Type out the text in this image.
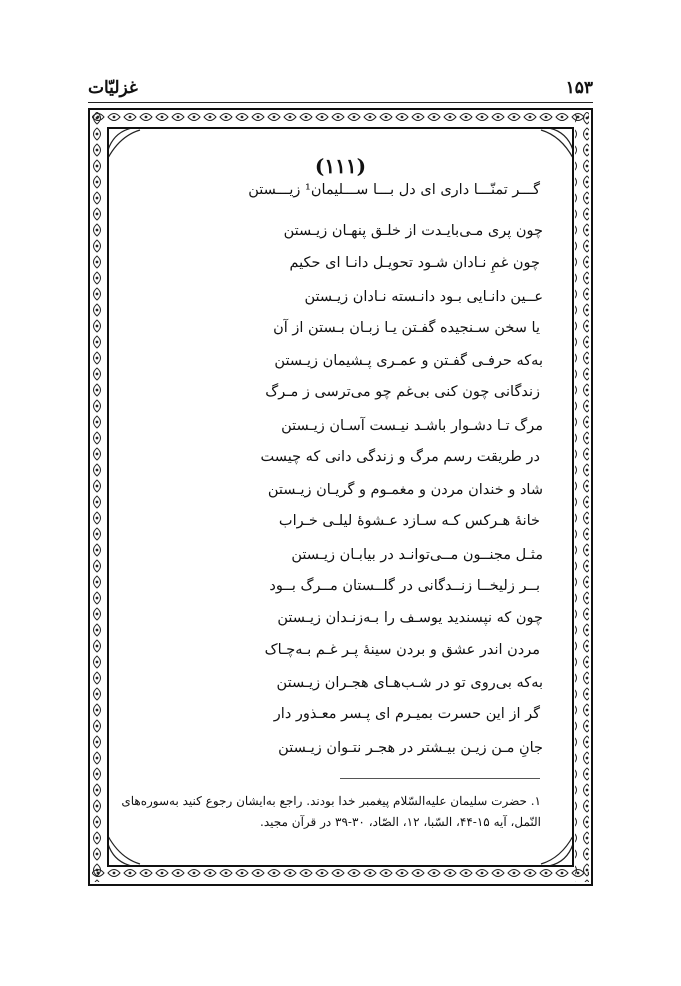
۱۵۳
غزلیّات
(۱۱۱)
گـــر تمنّـــا داری ای دل بـــا ســـلیمان¹ زیـــستن
چون پری مـی‌بایـدت از خلـق پنهـان زیـستن
چون غمِ نـادان شـود تحویـل دانـا ای حکیم
عــین دانـایی بـود دانـسته نـادان زیـستن
یا سخن سـنجیده گفـتن یـا زبـان بـستن از آن
به‌که حرفـی گفـتن و عمـری پـشیمان زیـستن
زندگانی چون کنی بی‌غم چو می‌ترسی ز مـرگ
مرگ تـا دشـوار باشـد نیـست آسـان زیـستن
در طریقت رسم مرگ و زندگی دانی که چیست
شاد و خندان مردن و مغمـوم و گریـان زیـستن
خانهٔ هـرکس کـه سـازد عـشوهٔ لیلـی خـراب
مثـل مجنــون مــی‌توانـد در بیابـان زیـستن
بــر زلیخــا زنــدگانی در گلــستان مــرگ بــود
چون که نپسندید یوسـف را بـه‌زنـدان زیـستن
مردن اندر عشق و بردن سینهٔ پـر غـم بـه‌چـاک
به‌که بی‌روی تو در شـب‌هـای هجـران زیـستن
گر از این حسرت بمیـرم ای پـسر معـذور دار
جانِ مـن زیـن بیـشتر در هجـر نتـوان زیـستن
۱. حضرت سلیمان علیه‌السّلام پیغمبر خدا بودند. راجع به‌ایشان رجوع کنید به‌سوره‌های
النّمل، آیه ۱۵-۴۴، السّبا، ۱۲، الصّاد، ۳۰-۳۹ در قرآن مجید.
